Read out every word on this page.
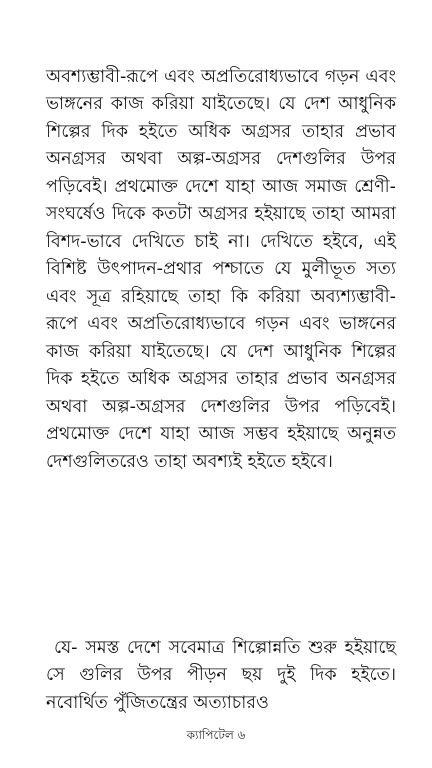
অবশ্যম্ভাবী-রূপে এবং অপ্রতিরোধ্যভাবে গড়ন এবং ভাঙ্গনের কাজ করিয়া যাইতেছে। যে দেশ আধুনিক শিল্পের দিক হইতে অধিক অগ্রসর তাহার প্রভাব অনগ্রসর অথবা অল্প-অগ্রসর দেশগুলির উপর পড়িবেই। প্রথমোক্ত দেশে যাহা আজ সমাজ শ্রেণী-সংঘর্ষেও দিকে কতটা অগ্রসর হইয়াছে তাহা আমরা বিশদ-ভাবে দেখিতে চাই না। দেখিতে হইবে, এই বিশিষ্ট উৎপাদন-প্রথার পশ্চাতে যে মুলীভূত সত্য এবং সূত্র রহিয়াছে তাহা কি করিয়া অব্যশ্যম্ভাবী-রূপে এবং অপ্রতিরোধ্যভাবে গড়ন এবং ভাঙ্গনের কাজ করিয়া যাইতেছে। যে দেশ আধুনিক শিল্পের দিক হইতে অধিক অগ্রসর তাহার প্রভাব অনগ্রসর অথবা অল্প-অগ্রসর দেশগুলির উপর পড়িবেই। প্রথমোক্ত দেশে যাহা আজ সম্ভব হইয়াছে অনুন্নত দেশগুলিতরেও তাহা অবশ্যই হইতে হইবে।

যে- সমস্ত দেশে সবেমাত্র শিল্পোন্নতি শুরু হইয়াছে সে গুলির উপর পীড়ন ছয় দুই দিক হইতে। নবোর্থিত পুঁজিতন্ত্রের অত্যাচারও

ক্যাপিটেল ৬
